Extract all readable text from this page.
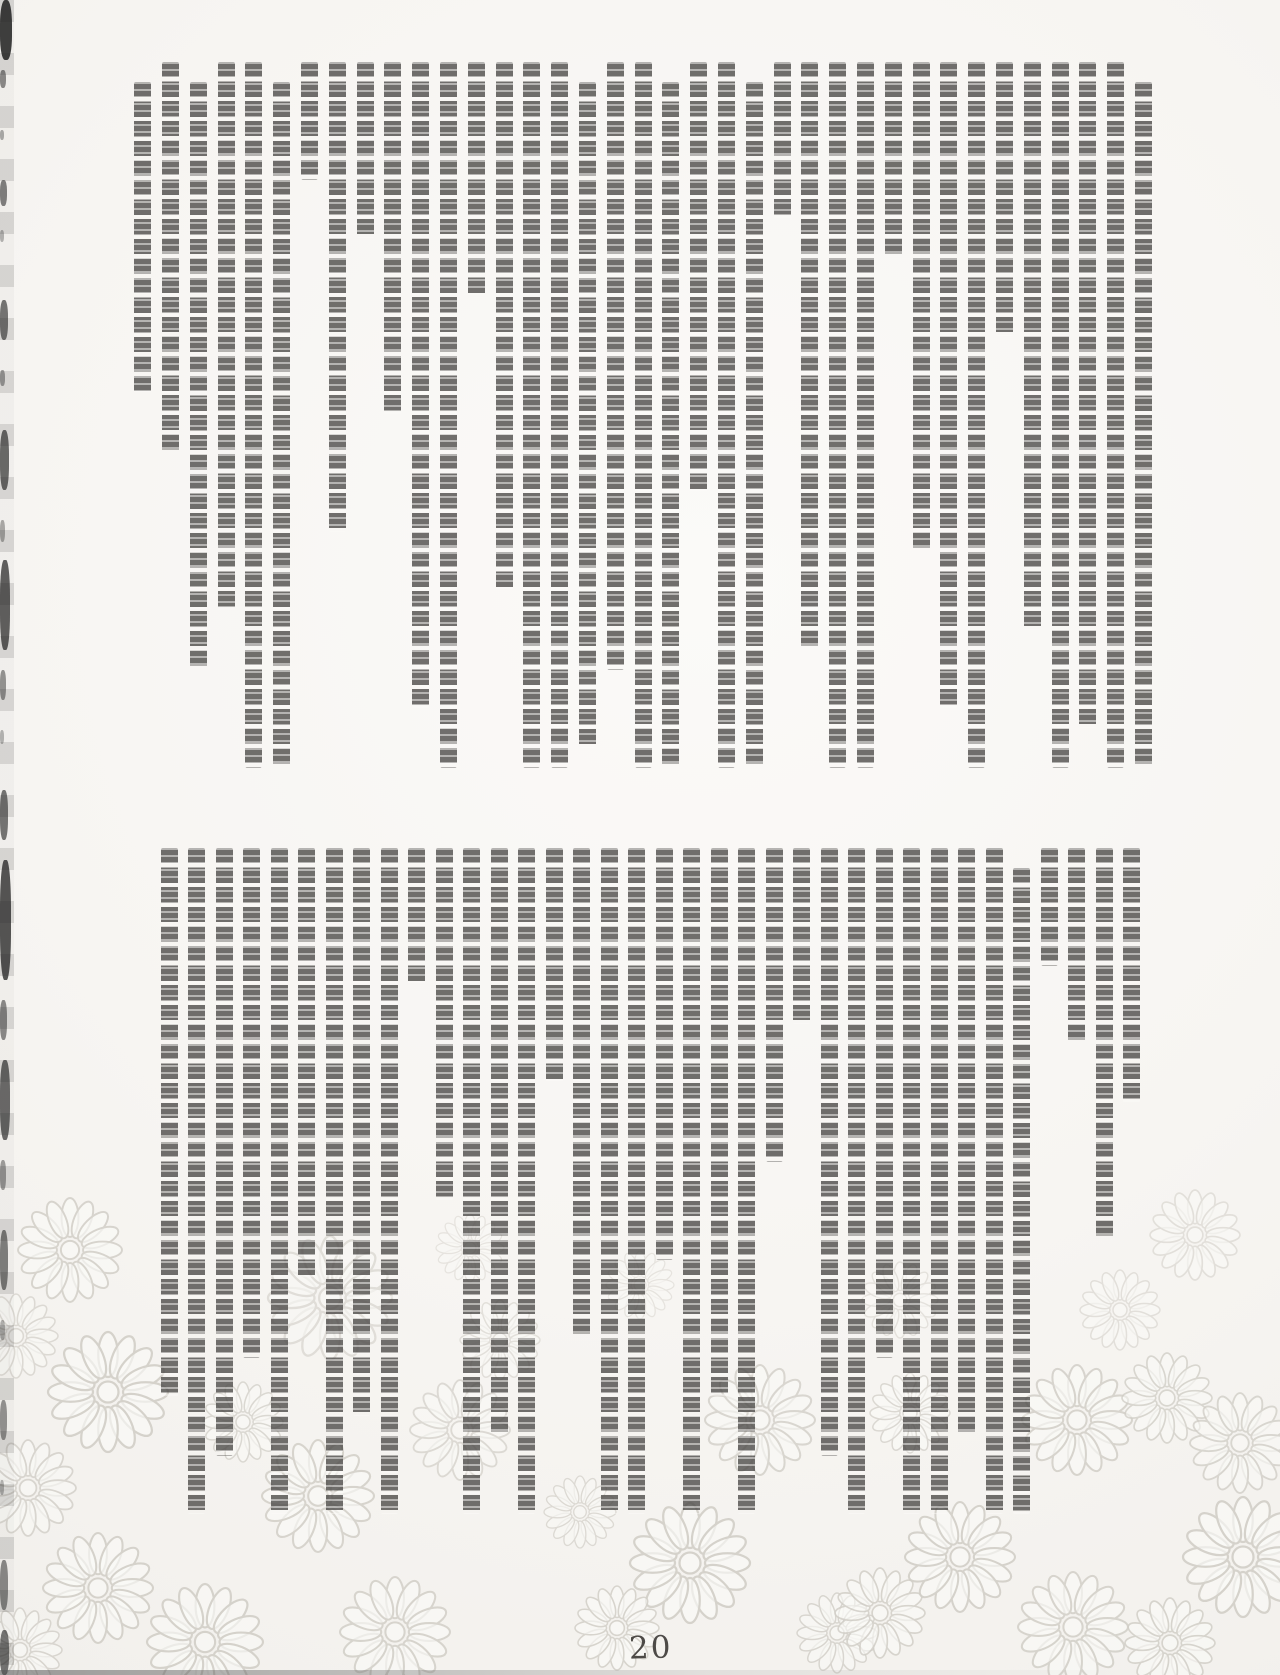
20
